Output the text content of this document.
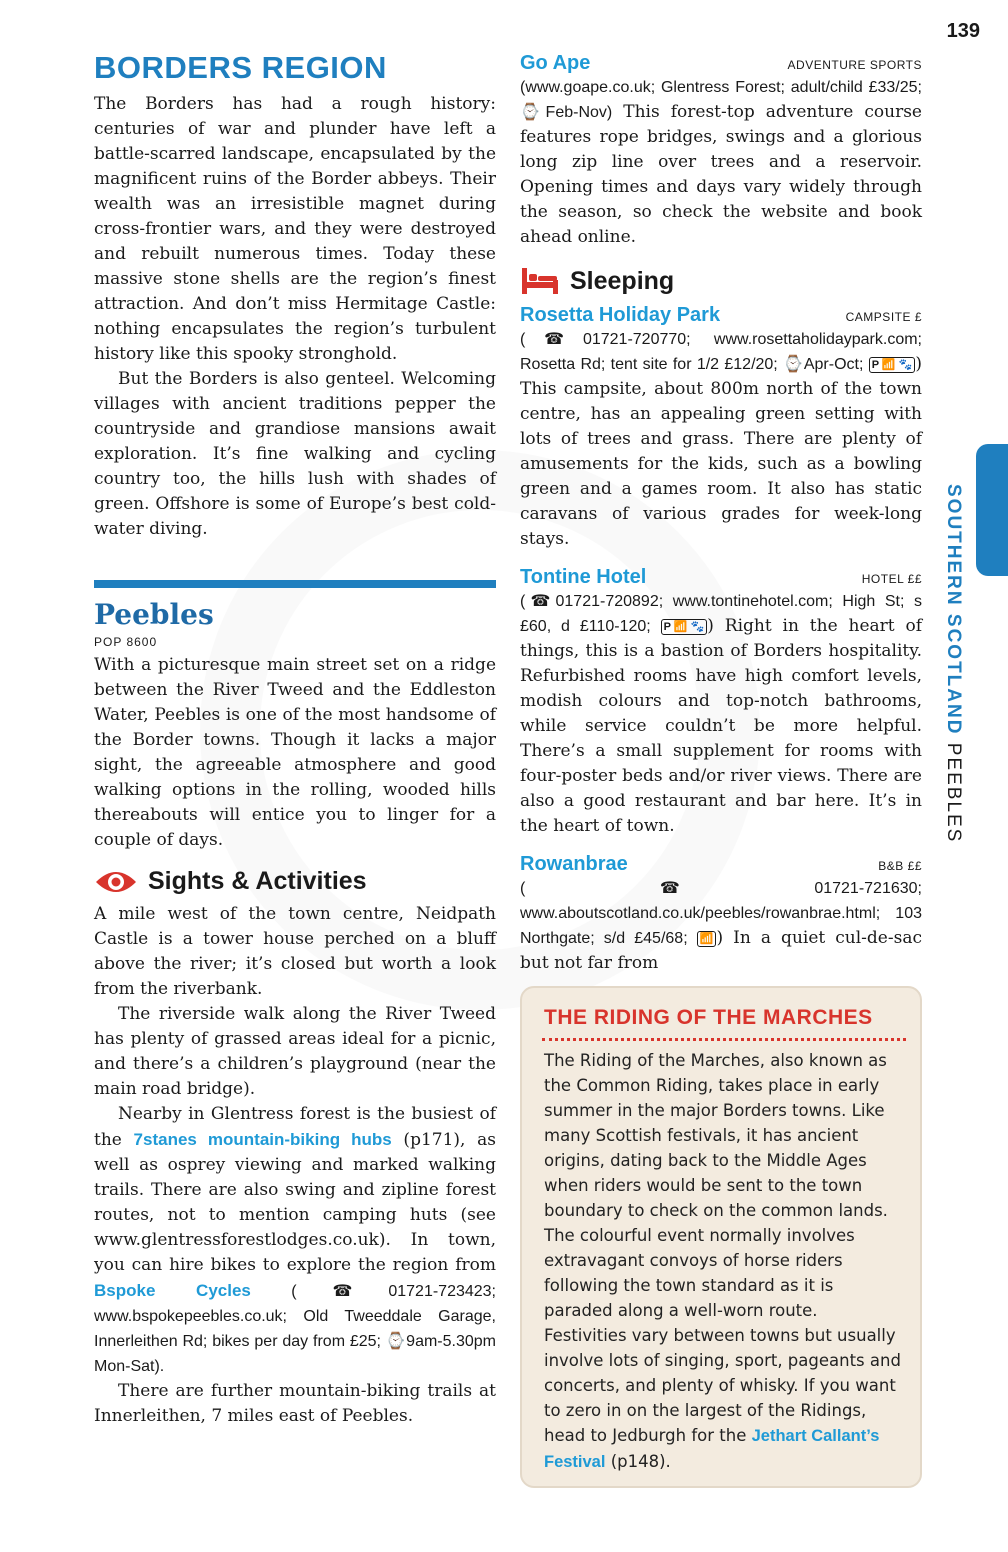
139
SOUTHERN SCOTLAND PEEBLES
BORDERS REGION

The Borders has had a rough history: centuries of war and plunder have left a battle-scarred landscape, encapsulated by the magnificent ruins of the Border abbeys. Their wealth was an irresistible magnet during cross-frontier wars, and they were destroyed and rebuilt numerous times. Today these massive stone shells are the region’s finest attraction. And don’t miss Hermitage Castle: nothing encapsulates the region’s turbulent history like this spooky stronghold.

But the Borders is also genteel. Welcoming villages with ancient traditions pepper the countryside and grandiose mansions await exploration. It’s fine walking and cycling country too, the hills lush with shades of green. Offshore is some of Europe’s best cold-water diving.

Peebles
POP 8600

With a picturesque main street set on a ridge between the River Tweed and the Eddleston Water, Peebles is one of the most handsome of the Border towns. Though it lacks a major sight, the agreeable atmosphere and good walking options in the rolling, wooded hills thereabouts will entice you to linger for a couple of days.

Sights & Activities

A mile west of the town centre, Neidpath Castle is a tower house perched on a bluff above the river; it’s closed but worth a look from the riverbank.

The riverside walk along the River Tweed has plenty of grassed areas ideal for a picnic, and there’s a children’s playground (near the main road bridge).

Nearby in Glentress forest is the busiest of the 7stanes mountain-biking hubs (p171), as well as osprey viewing and marked walking trails. There are also swing and zipline forest routes, not to mention camping huts (see www.glentressforestlodges.co.uk). In town, you can hire bikes to explore the region from Bspoke Cycles (☎01721-723423; www.bspokepeebles.co.uk; Old Tweeddale Garage, Innerleithen Rd; bikes per day from £25; ⌚9am-5.30pm Mon-Sat).

There are further mountain-biking trails at Innerleithen, 7 miles east of Peebles.

Go Ape	ADVENTURE SPORTS

(www.goape.co.uk; Glentress Forest; adult/child £33/25; ⌚Feb-Nov) This forest-top adventure course features rope bridges, swings and a glorious long zip line over trees and a reservoir. Opening times and days vary widely through the season, so check the website and book ahead online.

Sleeping
Rosetta Holiday Park	CAMPSITE £

(☎01721-720770; www.rosettaholidaypark.com; Rosetta Rd; tent site for 1/2 £12/20; ⌚Apr-Oct; P 📶 🐾 ) This campsite, about 800m north of the town centre, has an appealing green setting with lots of trees and grass. There are plenty of amusements for the kids, such as a bowling green and a games room. It also has static caravans of various grades for week-long stays.

Tontine Hotel	HOTEL ££

(☎01721-720892; www.tontinehotel.com; High St; s £60, d £110-120; P 📶 🐾 ) Right in the heart of things, this is a bastion of Borders hospitality. Refurbished rooms have high comfort levels, modish colours and top-notch bathrooms, while service couldn’t be more helpful. There’s a small supplement for rooms with four-poster beds and/or river views. There are also a good restaurant and bar here. It’s in the heart of town.

Rowanbrae	B&B ££

(☎01721-721630; www.aboutscotland.co.uk/peebles/rowanbrae.html; 103 Northgate; s/d £45/68; 📶 ) In a quiet cul-de-sac but not far from

THE RIDING OF THE MARCHES
The Riding of the Marches, also known as the Common Riding, takes place in early summer in the major Borders towns. Like many Scottish festivals, it has ancient origins, dating back to the Middle Ages when riders would be sent to the town boundary to check on the common lands. The colourful event normally involves extravagant convoys of horse riders following the town standard as it is paraded along a well-worn route. Festivities vary between towns but usually involve lots of singing, sport, pageants and concerts, and plenty of whisky. If you want to zero in on the largest of the Ridings, head to Jedburgh for the Jethart Callant’s Festival (p148).
